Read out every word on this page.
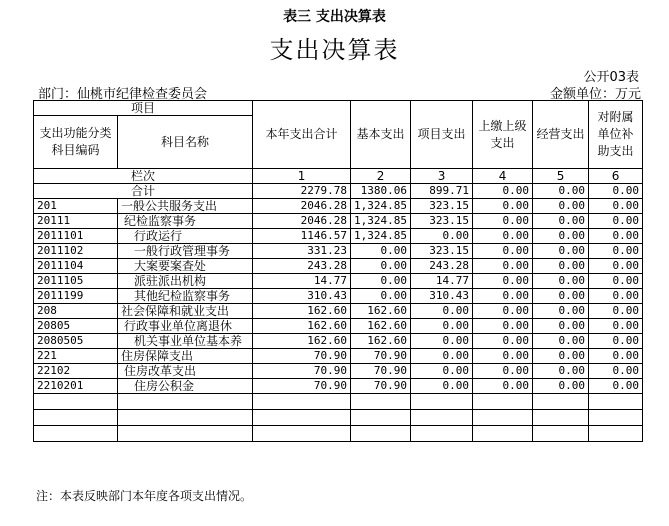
表三 支出决算表
支出决算表
公开03表
部门：仙桃市纪律检查委员会	金额单位：万元
项目		本年支出合计	基本支出	项目支出	上缴上级支出	经营支出	对附属单位补助支出
支出功能分类科目编码	科目名称						
栏次		1	2	3	4	5	6
合计		2279.78	1380.06	899.71	0.00	0.00	0.00
201	一般公共服务支出	2046.28	1,324.85	323.15	0.00	0.00	0.00
20111	纪检监察事务	2046.28	1,324.85	323.15	0.00	0.00	0.00
2011101	行政运行	1146.57	1,324.85	0.00	0.00	0.00	0.00
2011102	一般行政管理事务	331.23	0.00	323.15	0.00	0.00	0.00
2011104	大案要案查处	243.28	0.00	243.28	0.00	0.00	0.00
2011105	派驻派出机构	14.77	0.00	14.77	0.00	0.00	0.00
2011199	其他纪检监察事务	310.43	0.00	310.43	0.00	0.00	0.00
208	社会保障和就业支出	162.60	162.60	0.00	0.00	0.00	0.00
20805	行政事业单位离退休	162.60	162.60	0.00	0.00	0.00	0.00
2080505	机关事业单位基本养	162.60	162.60	0.00	0.00	0.00	0.00
221	住房保障支出	70.90	70.90	0.00	0.00	0.00	0.00
22102	住房改革支出	70.90	70.90	0.00	0.00	0.00	0.00
2210201	住房公积金	70.90	70.90	0.00	0.00	0.00	0.00

注：本表反映部门本年度各项支出情况。
